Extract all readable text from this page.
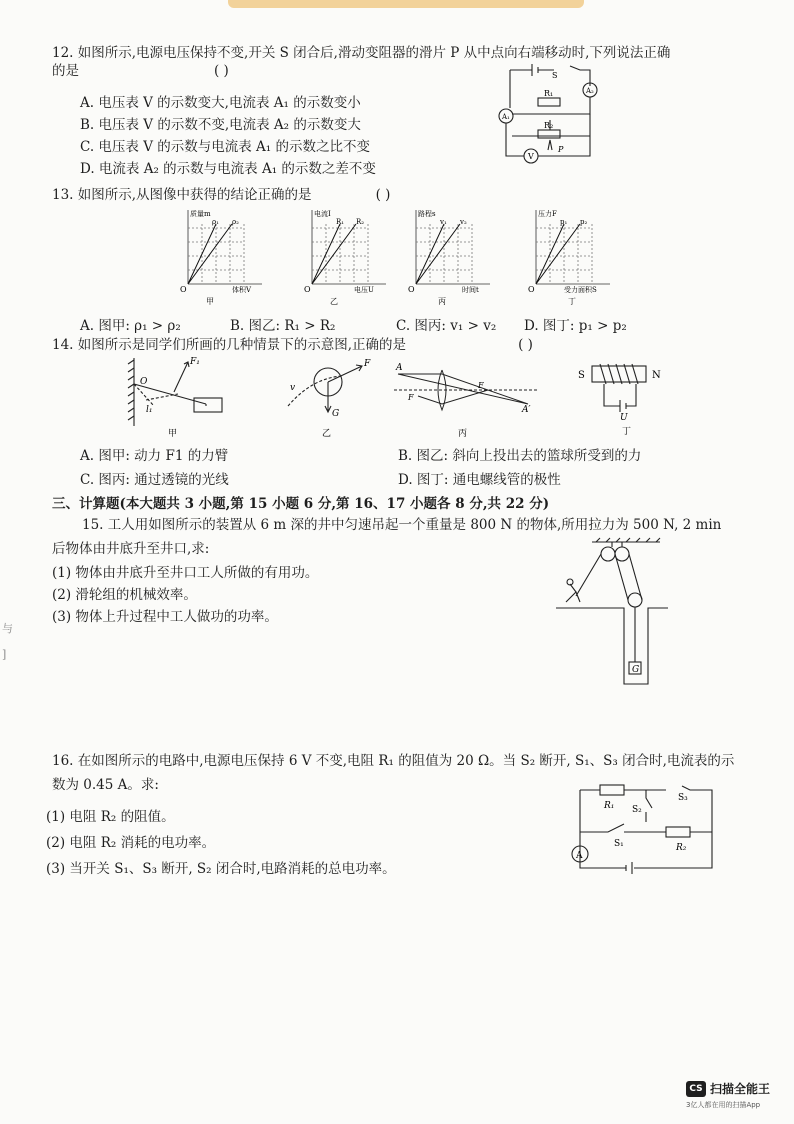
与
]
12. 如图所示,电源电压保持不变,开关 S 闭合后,滑动变阻器的滑片 P 从中点向右端移动时,下列说法正确
的是	( )
A. 电压表 V 的示数变大,电流表 A₁ 的示数变小
B. 电压表 V 的示数不变,电流表 A₂ 的示数变大
C. 电压表 V 的示数与电流表 A₁ 的示数之比不变
D. 电流表 A₂ 的示数与电流表 A₁ 的示数之差不变
S
A₂
A₁
R₁
R₂
V
P
13. 如图所示,从图像中获得的结论正确的是	( )
质量m
ρ₁ ρ₂
O	体积V
甲
电流I
R₁ R₂
O	电压U
乙
路程s
v₁ v₂
O	时间t
丙
压力F
p₁ p₂
O	受力面积S
丁
A. 图甲: ρ₁ > ρ₂	B. 图乙: R₁ > R₂	C. 图丙: v₁ > v₂ D. 图丁: p₁ > p₂
14. 如图所示是同学们所画的几种情景下的示意图,正确的是	( )
F₁
O
l₁
甲
v
F
G
乙
A
F
F
A′
丙
S	N
U
丁
A. 图甲: 动力 F1 的力臂	B. 图乙: 斜向上投出去的篮球所受到的力
C. 图丙: 通过透镜的光线	D. 图丁: 通电螺线管的极性
三、计算题(本大题共 3 小题,第 15 小题 6 分,第 16、17 小题各 8 分,共 22 分)
15. 工人用如图所示的装置从 6 m 深的井中匀速吊起一个重量是 800 N 的物体,所用拉力为 500 N, 2 min
后物体由井底升至井口,求:
(1) 物体由井底升至井口工人所做的有用功。
(2) 滑轮组的机械效率。
(3) 物体上升过程中工人做功的功率。
G
16. 在如图所示的电路中,电源电压保持 6 V 不变,电阻 R₁ 的阻值为 20 Ω。当 S₂ 断开, S₁、S₃ 闭合时,电流表的示
数为 0.45 A。求:
(1) 电阻 R₂ 的阻值。
(2) 电阻 R₂ 消耗的电功率。
(3) 当开关 S₁、S₃ 断开, S₂ 闭合时,电路消耗的总电功率。
R₁ S₂
S₃
S₁	R₂
A
CS 扫描全能王
3亿人都在用的扫描App
